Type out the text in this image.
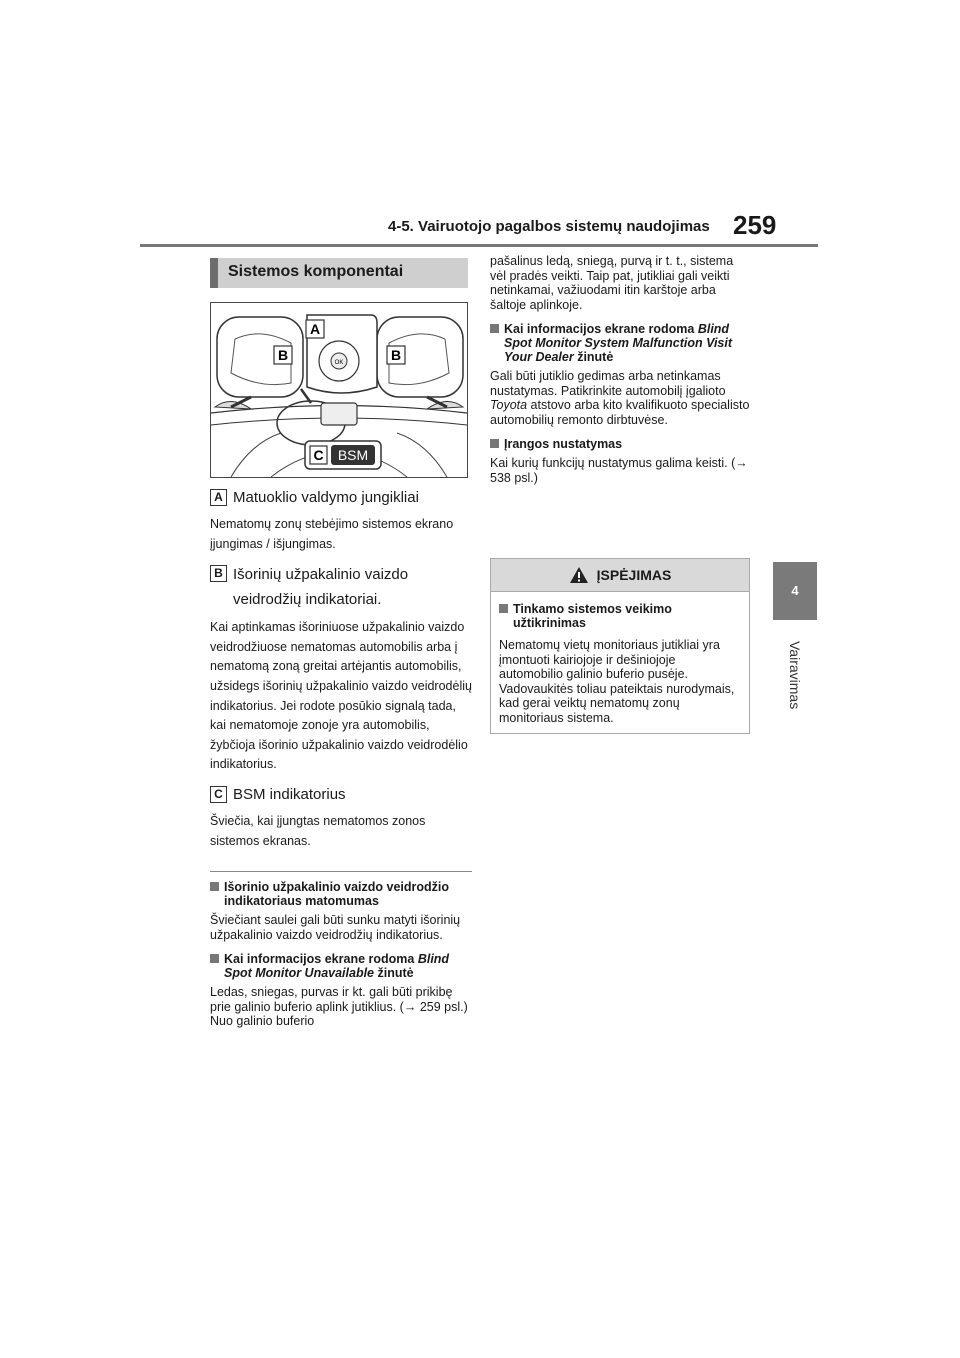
4-5. Vairuotojo pagalbos sistemų naudojimas 259
4
Vairavimas
Sistemos komponentai
OK
A
B	B
C BSM
A Matuoklio valdymo jungikliai
Nematomų zonų stebėjimo sistemos ekrano įjungimas / išjungimas.
B Išorinių užpakalinio vaizdo veidrodžių indikatoriai.
Kai aptinkamas išoriniuose užpakalinio vaizdo veidrodžiuose nematomas automobilis arba į nematomą zoną greitai artėjantis automobilis, užsidegs išorinių užpakalinio vaizdo veidrodėlių indikatorius. Jei rodote posūkio signalą tada, kai nematomoje zonoje yra automobilis, žybčioja išorinio užpakalinio vaizdo veidrodėlio indikatorius.
C BSM indikatorius
Šviečia, kai įjungtas nematomos zonos sistemos ekranas.
Išorinio užpakalinio vaizdo veidrodžio indikatoriaus matomumas
Šviečiant saulei gali būti sunku matyti išorinių užpakalinio vaizdo veidrodžių indikatorius.
Kai informacijos ekrane rodoma Blind Spot Monitor Unavailable žinutė
Ledas, sniegas, purvas ir kt. gali būti prikibę prie galinio buferio aplink jutiklius. (→ 259 psl.) Nuo galinio buferio
pašalinus ledą, sniegą, purvą ir t. t., sistema vėl pradės veikti. Taip pat, jutikliai gali veikti netinkamai, važiuodami itin karštoje arba šaltoje aplinkoje.
Kai informacijos ekrane rodoma Blind Spot Monitor System Malfunction Visit Your Dealer žinutė
Gali būti jutiklio gedimas arba netinkamas nustatymas. Patikrinkite automobilį įgalioto Toyota atstovo arba kito kvalifikuoto specialisto automobilių remonto dirbtuvėse.
Įrangos nustatymas
Kai kurių funkcijų nustatymus galima keisti. (→ 538 psl.)
ĮSPĖJIMAS
Tinkamo sistemos veikimo užtikrinimas
Nematomų vietų monitoriaus jutikliai yra įmontuoti kairiojoje ir dešiniojoje automobilio galinio buferio pusėje. Vadovaukitės toliau pateiktais nurodymais, kad gerai veiktų nematomų zonų monitoriaus sistema.
